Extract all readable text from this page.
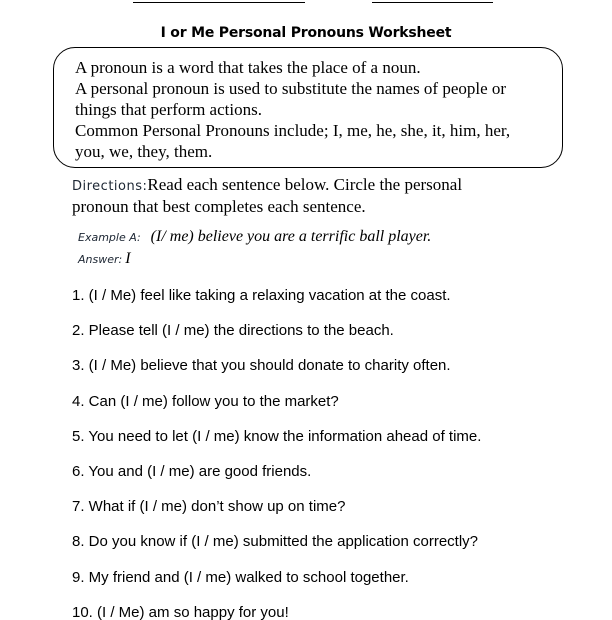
I or Me Personal Pronouns Worksheet
A pronoun is a word that takes the place of a noun.
A personal pronoun is used to substitute the names of people or
things that perform actions.
Common Personal Pronouns include; I, me, he, she, it, him, her,
you, we, they, them.
Directions:Read each sentence below. Circle the personal
pronoun that best completes each sentence.
Example A: (I/ me) believe you are a terrific ball player.
Answer: I
1. (I / Me) feel like taking a relaxing vacation at the coast.
2. Please tell (I / me) the directions to the beach.
3. (I / Me) believe that you should donate to charity often.
4. Can (I / me) follow you to the market?
5. You need to let (I / me) know the information ahead of time.
6. You and (I / me) are good friends.
7. What if (I / me) don’t show up on time?
8. Do you know if (I / me) submitted the application correctly?
9. My friend and (I / me) walked to school together.
10. (I / Me) am so happy for you!
